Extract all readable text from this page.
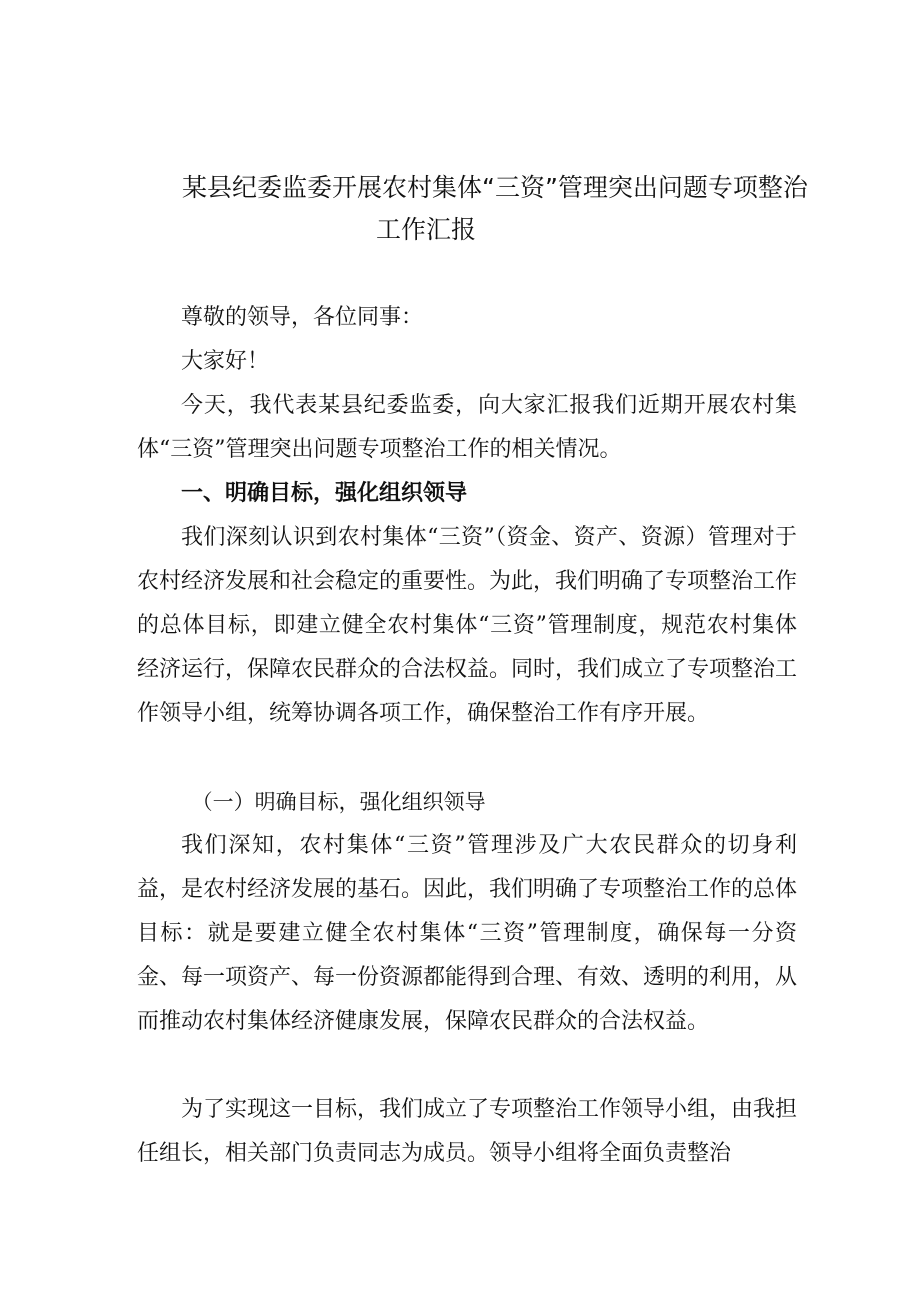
某县纪委监委开展农村集体“三资”管理突出问题专项整治
工作汇报

尊敬的领导，各位同事：

大家好！

今天，我代表某县纪委监委，向大家汇报我们近期开展农村集体“三资”管理突出问题专项整治工作的相关情况。

一、明确目标，强化组织领导

我们深刻认识到农村集体“三资”（资金、资产、资源）管理对于农村经济发展和社会稳定的重要性。为此，我们明确了专项整治工作的总体目标，即建立健全农村集体“三资”管理制度，规范农村集体经济运行，保障农民群众的合法权益。同时，我们成立了专项整治工作领导小组，统筹协调各项工作，确保整治工作有序开展。

（一）明确目标，强化组织领导

我们深知，农村集体“三资”管理涉及广大农民群众的切身利益，是农村经济发展的基石。因此，我们明确了专项整治工作的总体目标：就是要建立健全农村集体“三资”管理制度，确保每一分资金、每一项资产、每一份资源都能得到合理、有效、透明的利用，从而推动农村集体经济健康发展，保障农民群众的合法权益。

为了实现这一目标，我们成立了专项整治工作领导小组，由我担任组长，相关部门负责同志为成员。领导小组将全面负责整治
